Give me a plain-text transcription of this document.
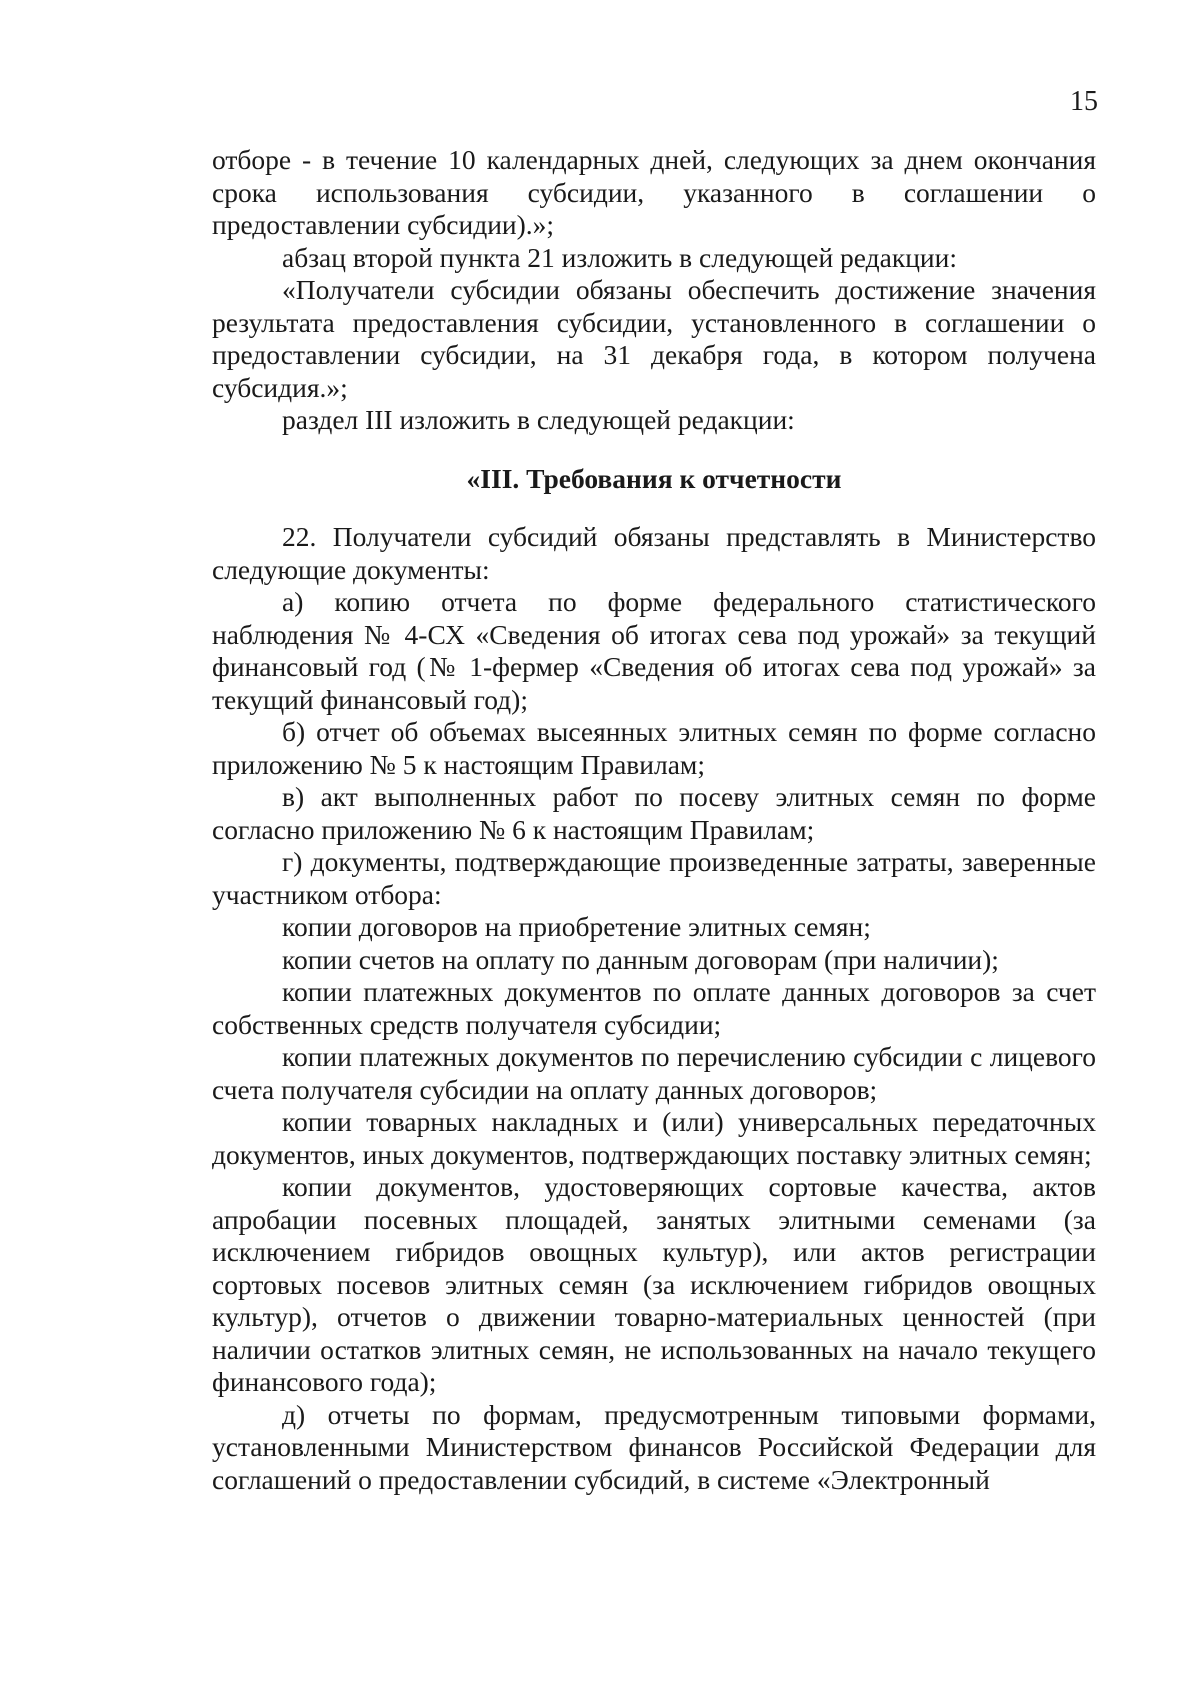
15

отборе - в течение 10 календарных дней, следующих за днем окончания срока использования субсидии, указанного в соглашении о предоставлении субсидии).»;

абзац второй пункта 21 изложить в следующей редакции:

«Получатели субсидии обязаны обеспечить достижение значения результата предоставления субсидии, установленного в соглашении о предоставлении субсидии, на 31 декабря года, в котором получена субсидия.»;

раздел III изложить в следующей редакции:

«III. Требования к отчетности

22. Получатели субсидий обязаны представлять в Министерство следующие документы:

а) копию отчета по форме федерального статистического наблюдения № 4-СХ «Сведения об итогах сева под урожай» за текущий финансовый год (№ 1-фермер «Сведения об итогах сева под урожай» за текущий финансовый год);

б) отчет об объемах высеянных элитных семян по форме согласно приложению № 5 к настоящим Правилам;

в) акт выполненных работ по посеву элитных семян по форме согласно приложению № 6 к настоящим Правилам;

г) документы, подтверждающие произведенные затраты, заверенные участником отбора:

копии договоров на приобретение элитных семян;

копии счетов на оплату по данным договорам (при наличии);

копии платежных документов по оплате данных договоров за счет собственных средств получателя субсидии;

копии платежных документов по перечислению субсидии с лицевого счета получателя субсидии на оплату данных договоров;

копии товарных накладных и (или) универсальных передаточных документов, иных документов, подтверждающих поставку элитных семян;

копии документов, удостоверяющих сортовые качества, актов апробации посевных площадей, занятых элитными семенами (за исключением гибридов овощных культур), или актов регистрации сортовых посевов элитных семян (за исключением гибридов овощных культур), отчетов о движении товарно-материальных ценностей (при наличии остатков элитных семян, не использованных на начало текущего финансового года);

д) отчеты по формам, предусмотренным типовыми формами, установленными Министерством финансов Российской Федерации для соглашений о предоставлении субсидий, в системе «Электронный
